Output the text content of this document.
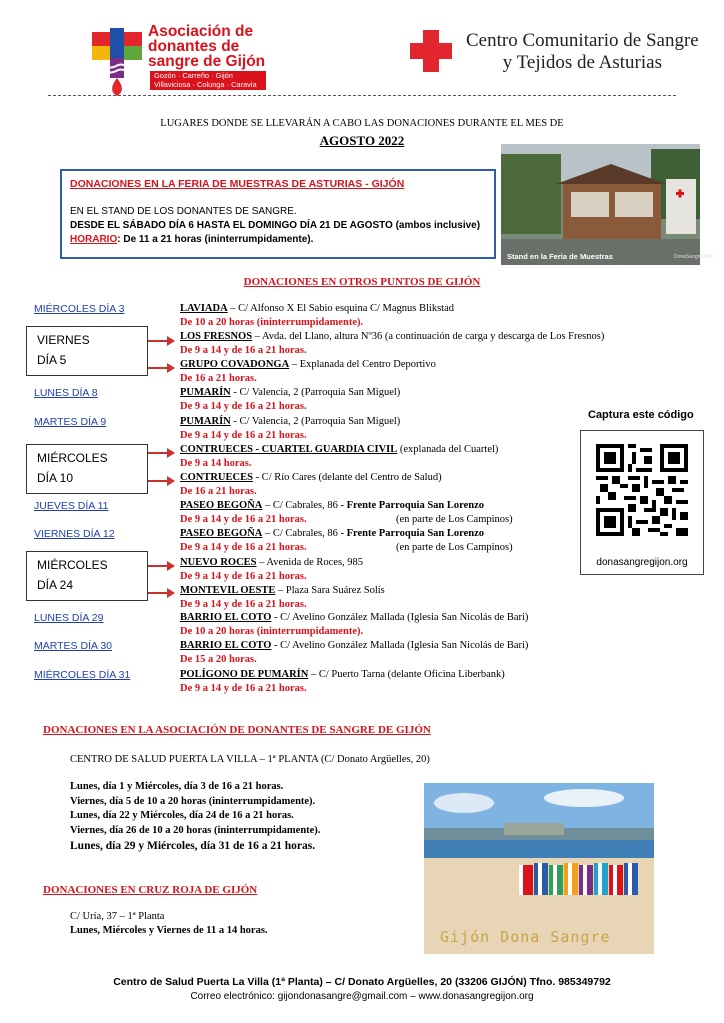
Asociación de
donantes de
sangre de Gijón
Gozón · Carreño · Gijón
Villaviciosa · Colunga · Caravia
Centro Comunitario de Sangre
y Tejidos de Asturias
LUGARES DONDE SE LLEVARÁN A CABO LAS DONACIONES DURANTE EL MES DE
AGOSTO 2022
DONACIONES EN LA FERIA DE MUESTRAS DE ASTURIAS - GIJÓN
EN EL STAND DE LOS DONANTES DE SANGRE.
DESDE EL SÁBADO DÍA 6 HASTA EL DOMINGO DÍA 21 DE AGOSTO (ambos inclusive)
HORARIO: De 11 a 21 horas (ininterrumpidamente).
Stand en la Feria de Muestras	DonaSangreGijón
DONACIONES EN OTROS PUNTOS DE GIJÓN
MIÉRCOLES DÍA 3
LUNES DÍA 8
MARTES DÍA 9
JUEVES DÍA 11
VIERNES DÍA 12
LUNES DÍA 29
MARTES DÍA 30
MIÉRCOLES DÍA 31
VIERNES
DÍA 5
MIÉRCOLES
DÍA 10
MIÉRCOLES
DÍA 24
LAVIADA – C/ Alfonso X El Sabio esquina C/ Magnus Blikstad
De 10 a 20 horas (ininterrumpidamente).
LOS FRESNOS – Avda. del Llano, altura Nº36 (a continuación de carga y descarga de Los Fresnos)
De 9 a 14 y de 16 a 21 horas.
GRUPO COVADONGA – Explanada del Centro Deportivo
De 16 a 21 horas.
PUMARÍN - C/ Valencia, 2 (Parroquia San Miguel)
De 9 a 14 y de 16 a 21 horas.
PUMARÍN - C/ Valencia, 2 (Parroquia San Miguel)
De 9 a 14 y de 16 a 21 horas.
CONTRUECES - CUARTEL GUARDIA CIVIL (explanada del Cuartel)
De 9 a 14 horas.
CONTRUECES - C/ Río Cares (delante del Centro de Salud)
De 16 a 21 horas.
PASEO BEGOÑA – C/ Cabrales, 86 - Frente Parroquia San Lorenzo
(en parte de Los Campinos)
De 9 a 14 y de 16 a 21 horas.
PASEO BEGOÑA – C/ Cabrales, 86 - Frente Parroquia San Lorenzo
(en parte de Los Campinos)
De 9 a 14 y de 16 a 21 horas.
NUEVO ROCES – Avenida de Roces, 985
De 9 a 14 y de 16 a 21 horas.
MONTEVIL OESTE – Plaza Sara Suárez Solís
De 9 a 14 y de 16 a 21 horas.
BARRIO EL COTO - C/ Avelino González Mallada (Iglesia San Nicolás de Bari)
De 10 a 20 horas (ininterrumpidamente).
BARRIO EL COTO - C/ Avelino González Mallada (Iglesia San Nicolás de Bari)
De 15 a 20 horas.
POLÍGONO DE PUMARÍN – C/ Puerto Tarna (delante Oficina Liberbank)
De 9 a 14 y de 16 a 21 horas.
Captura este código
donasangregijon.org
DONACIONES EN LA ASOCIACIÓN DE DONANTES DE SANGRE DE GIJÓN
CENTRO DE SALUD PUERTA LA VILLA – 1ª PLANTA (C/ Donato Argüelles, 20)
Lunes, día 1 y Miércoles, día 3 de 16 a 21 horas.
Viernes, día 5 de 10 a 20 horas (ininterrumpidamente).
Lunes, día 22 y Miércoles, día 24 de 16 a 21 horas.
Viernes, día 26 de 10 a 20 horas (ininterrumpidamente).
Lunes, día 29 y Miércoles, día 31 de 16 a 21 horas.
DONACIONES EN CRUZ ROJA DE GIJÓN
C/ Uría, 37 – 1ª Planta
Lunes, Miércoles y Viernes de 11 a 14 horas.	Gijón Dona Sangre
Centro de Salud Puerta La Villa (1ª Planta) – C/ Donato Argüelles, 20 (33206 GIJÓN) Tfno. 985349792
Correo electrónico: gijondonasangre@gmail.com – www.donasangregijon.org
